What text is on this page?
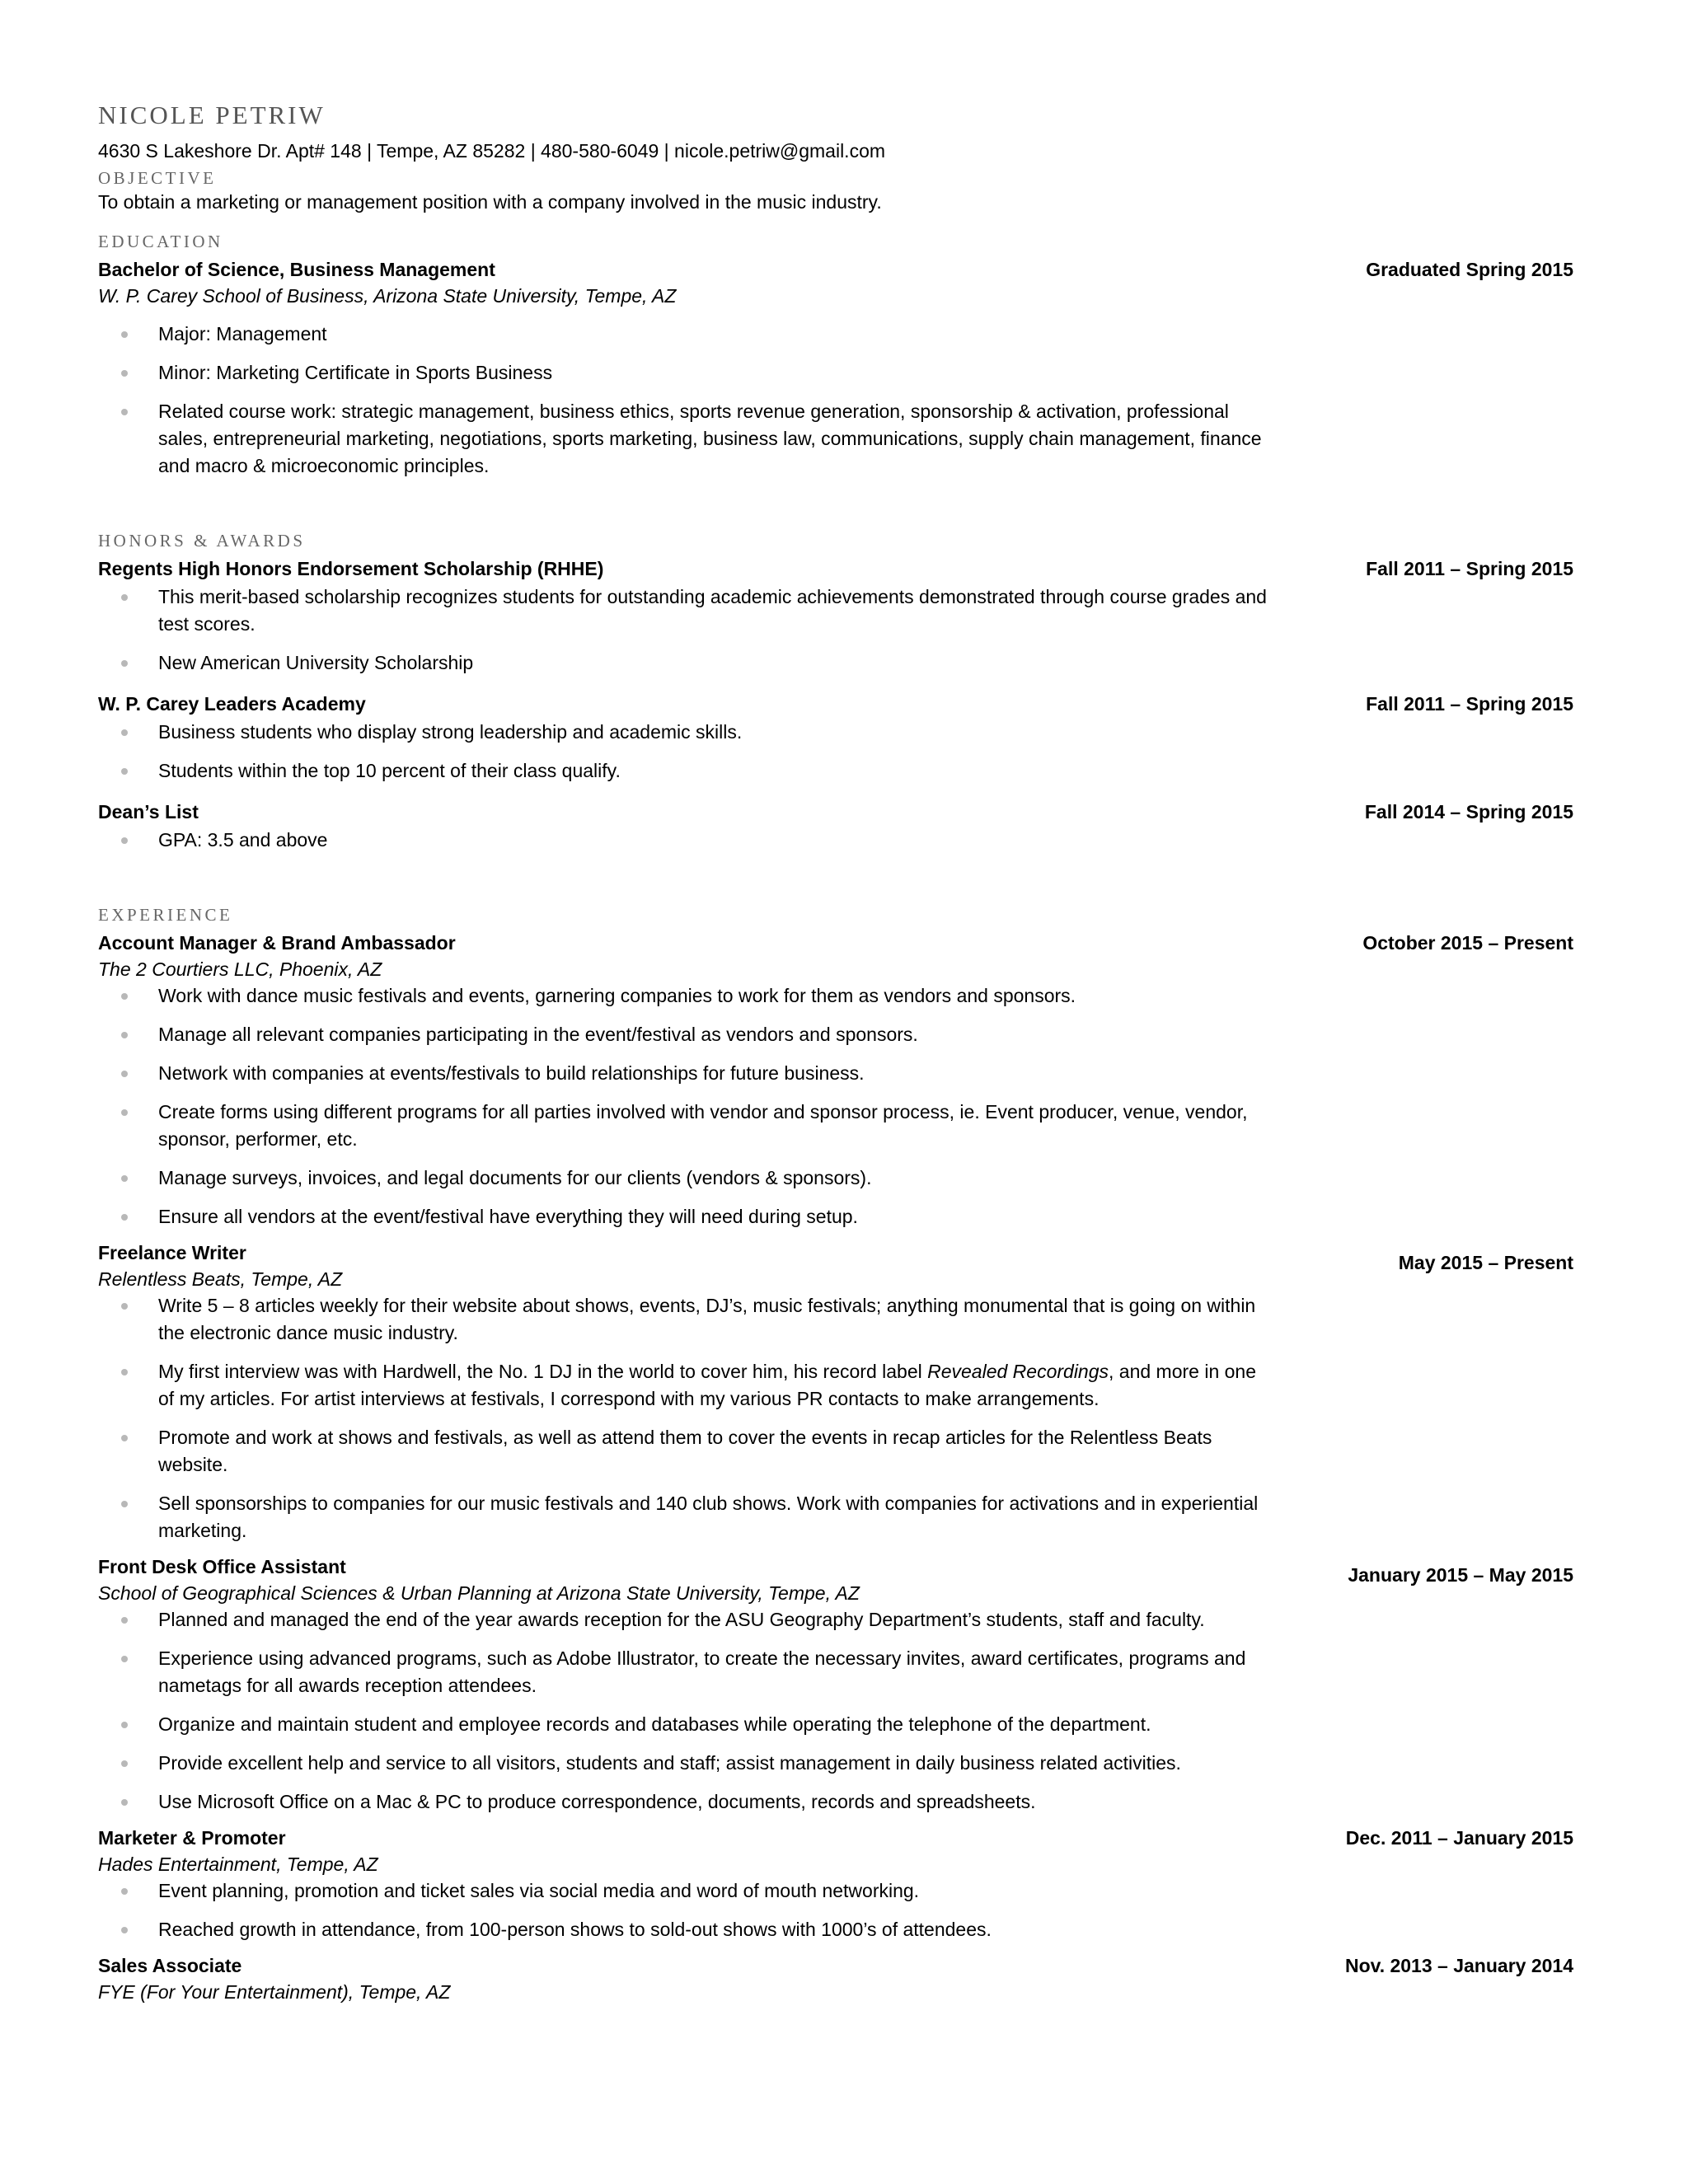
NICOLE PETRIW
4630 S Lakeshore Dr. Apt# 148 | Tempe, AZ 85282 | 480-580-6049 | nicole.petriw@gmail.com
OBJECTIVE
To obtain a marketing or management position with a company involved in the music industry.
EDUCATION
Bachelor of Science, Business Management	Graduated Spring 2015
W. P. Carey School of Business, Arizona State University, Tempe, AZ
Major: Management
Minor: Marketing Certificate in Sports Business
Related course work: strategic management, business ethics, sports revenue generation, sponsorship & activation, professional sales, entrepreneurial marketing, negotiations, sports marketing, business law, communications, supply chain management, finance and macro & microeconomic principles.
HONORS & AWARDS
Regents High Honors Endorsement Scholarship (RHHE)	Fall 2011 – Spring 2015
This merit-based scholarship recognizes students for outstanding academic achievements demonstrated through course grades and test scores.
New American University Scholarship
W. P. Carey Leaders Academy	Fall 2011 – Spring 2015
Business students who display strong leadership and academic skills.
Students within the top 10 percent of their class qualify.
Dean’s List	Fall 2014 – Spring 2015
GPA: 3.5 and above
EXPERIENCE
Account Manager & Brand Ambassador	October 2015 – Present
The 2 Courtiers LLC, Phoenix, AZ
Work with dance music festivals and events, garnering companies to work for them as vendors and sponsors.
Manage all relevant companies participating in the event/festival as vendors and sponsors.
Network with companies at events/festivals to build relationships for future business.
Create forms using different programs for all parties involved with vendor and sponsor process, ie. Event producer, venue, vendor, sponsor, performer, etc.
Manage surveys, invoices, and legal documents for our clients (vendors & sponsors).
Ensure all vendors at the event/festival have everything they will need during setup.
Freelance Writer	May 2015 – Present
Relentless Beats, Tempe, AZ
Write 5 – 8 articles weekly for their website about shows, events, DJ’s, music festivals; anything monumental that is going on within the electronic dance music industry.
My first interview was with Hardwell, the No. 1 DJ in the world to cover him, his record label Revealed Recordings, and more in one of my articles. For artist interviews at festivals, I correspond with my various PR contacts to make arrangements.
Promote and work at shows and festivals, as well as attend them to cover the events in recap articles for the Relentless Beats website.
Sell sponsorships to companies for our music festivals and 140 club shows. Work with companies for activations and in experiential marketing.
Front Desk Office Assistant	January 2015 – May 2015
School of Geographical Sciences & Urban Planning at Arizona State University, Tempe, AZ
Planned and managed the end of the year awards reception for the ASU Geography Department’s students, staff and faculty.
Experience using advanced programs, such as Adobe Illustrator, to create the necessary invites, award certificates, programs and nametags for all awards reception attendees.
Organize and maintain student and employee records and databases while operating the telephone of the department.
Provide excellent help and service to all visitors, students and staff; assist management in daily business related activities.
Use Microsoft Office on a Mac & PC to produce correspondence, documents, records and spreadsheets.
Marketer & Promoter	Dec. 2011 – January 2015
Hades Entertainment, Tempe, AZ
Event planning, promotion and ticket sales via social media and word of mouth networking.
Reached growth in attendance, from 100-person shows to sold-out shows with 1000’s of attendees.
Sales Associate	Nov. 2013 – January 2014
FYE (For Your Entertainment), Tempe, AZ
